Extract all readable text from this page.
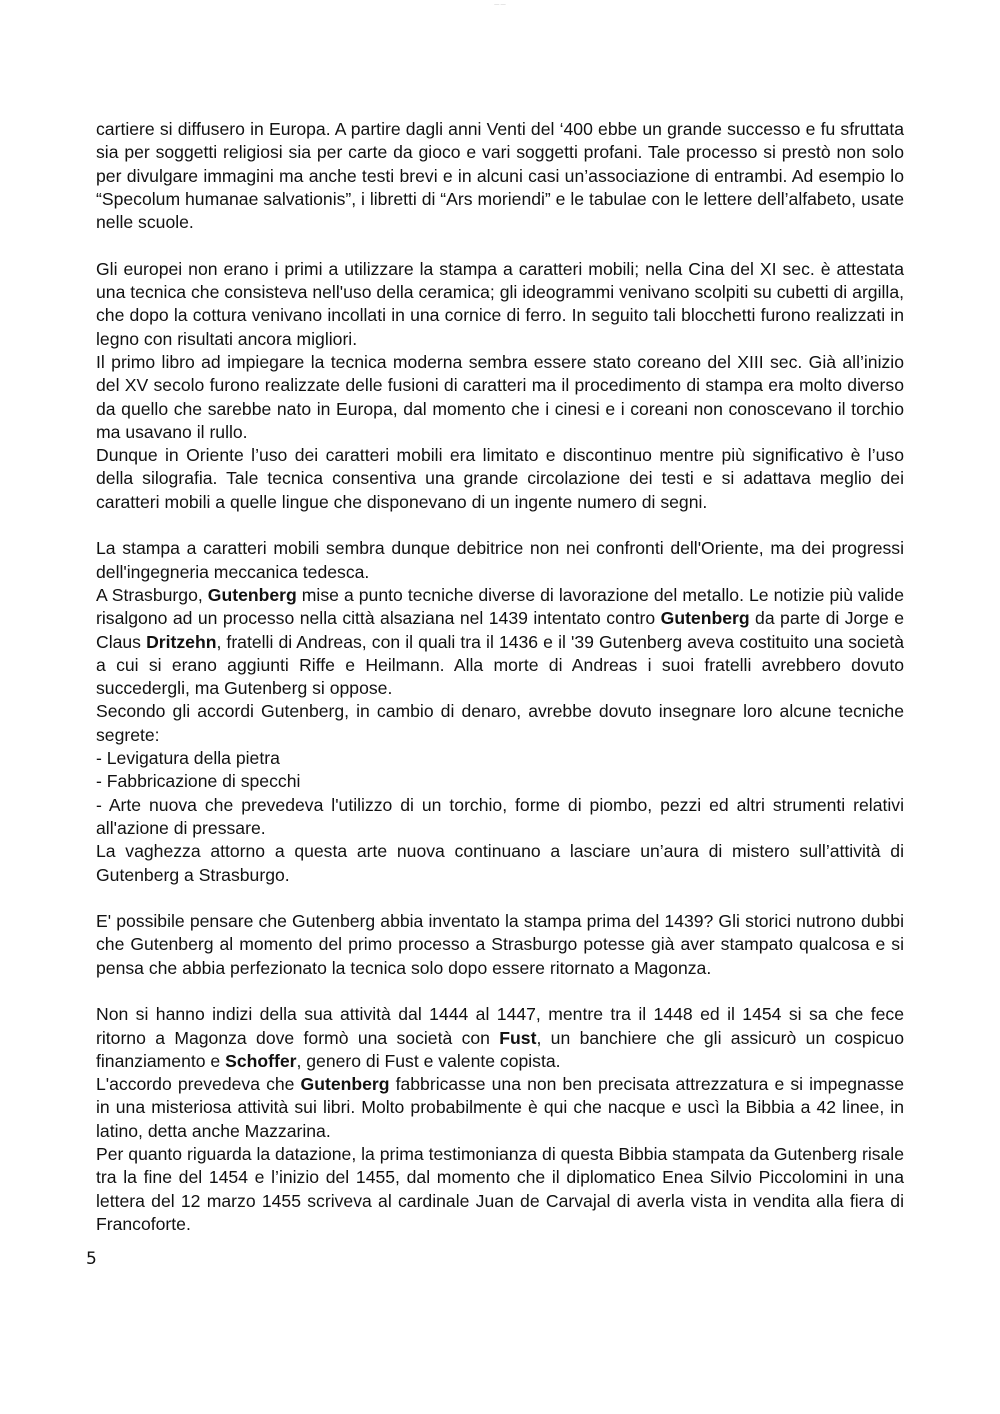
— —

cartiere si diffusero in Europa. A partire dagli anni Venti del ‘400 ebbe un grande successo e fu sfruttata sia per soggetti religiosi sia per carte da gioco e vari soggetti profani. Tale processo si prestò non solo per divulgare immagini ma anche testi brevi e in alcuni casi un’associazione di entrambi. Ad esempio lo “Specolum humanae salvationis”, i libretti di “Ars moriendi” e le tabulae con le lettere dell’alfabeto, usate nelle scuole.

Gli europei non erano i primi a utilizzare la stampa a caratteri mobili; nella Cina del XI sec. è attestata una tecnica che consisteva nell'uso della ceramica; gli ideogrammi venivano scolpiti su cubetti di argilla, che dopo la cottura venivano incollati in una cornice di ferro. In seguito tali blocchetti furono realizzati in legno con risultati ancora migliori.

Il primo libro ad impiegare la tecnica moderna sembra essere stato coreano del XIII sec. Già all’inizio del XV secolo furono realizzate delle fusioni di caratteri ma il procedimento di stampa era molto diverso da quello che sarebbe nato in Europa, dal momento che i cinesi e i coreani non conoscevano il torchio ma usavano il rullo.

Dunque in Oriente l’uso dei caratteri mobili era limitato e discontinuo mentre più significativo è l’uso della silografia. Tale tecnica consentiva una grande circolazione dei testi e si adattava meglio dei caratteri mobili a quelle lingue che disponevano di un ingente numero di segni.

La stampa a caratteri mobili sembra dunque debitrice non nei confronti dell'Oriente, ma dei progressi dell'ingegneria meccanica tedesca.

A Strasburgo, Gutenberg mise a punto tecniche diverse di lavorazione del metallo. Le notizie più valide risalgono ad un processo nella città alsaziana nel 1439 intentato contro Gutenberg da parte di Jorge e Claus Dritzehn, fratelli di Andreas, con il quali tra il 1436 e il '39 Gutenberg aveva costituito una società a cui si erano aggiunti Riffe e Heilmann. Alla morte di Andreas i suoi fratelli avrebbero dovuto succedergli, ma Gutenberg si oppose.

Secondo gli accordi Gutenberg, in cambio di denaro, avrebbe dovuto insegnare loro alcune tecniche segrete:

- Levigatura della pietra

- Fabbricazione di specchi

- Arte nuova che prevedeva l'utilizzo di un torchio, forme di piombo, pezzi ed altri strumenti relativi all'azione di pressare.

La vaghezza attorno a questa arte nuova continuano a lasciare un’aura di mistero sull’attività di Gutenberg a Strasburgo.

E' possibile pensare che Gutenberg abbia inventato la stampa prima del 1439? Gli storici nutrono dubbi che Gutenberg al momento del primo processo a Strasburgo potesse già aver stampato qualcosa e si pensa che abbia perfezionato la tecnica solo dopo essere ritornato a Magonza.

Non si hanno indizi della sua attività dal 1444 al 1447, mentre tra il 1448 ed il 1454 si sa che fece ritorno a Magonza dove formò una società con Fust, un banchiere che gli assicurò un cospicuo finanziamento e Schoffer, genero di Fust e valente copista.

L'accordo prevedeva che Gutenberg fabbricasse una non ben precisata attrezzatura e si impegnasse in una misteriosa attività sui libri. Molto probabilmente è qui che nacque e uscì la Bibbia a 42 linee, in latino, detta anche Mazzarina.

Per quanto riguarda la datazione, la prima testimonianza di questa Bibbia stampata da Gutenberg risale tra la fine del 1454 e l’inizio del 1455, dal momento che il diplomatico Enea Silvio Piccolomini in una lettera del 12 marzo 1455 scriveva al cardinale Juan de Carvajal di averla vista in vendita alla fiera di Francoforte.

5
